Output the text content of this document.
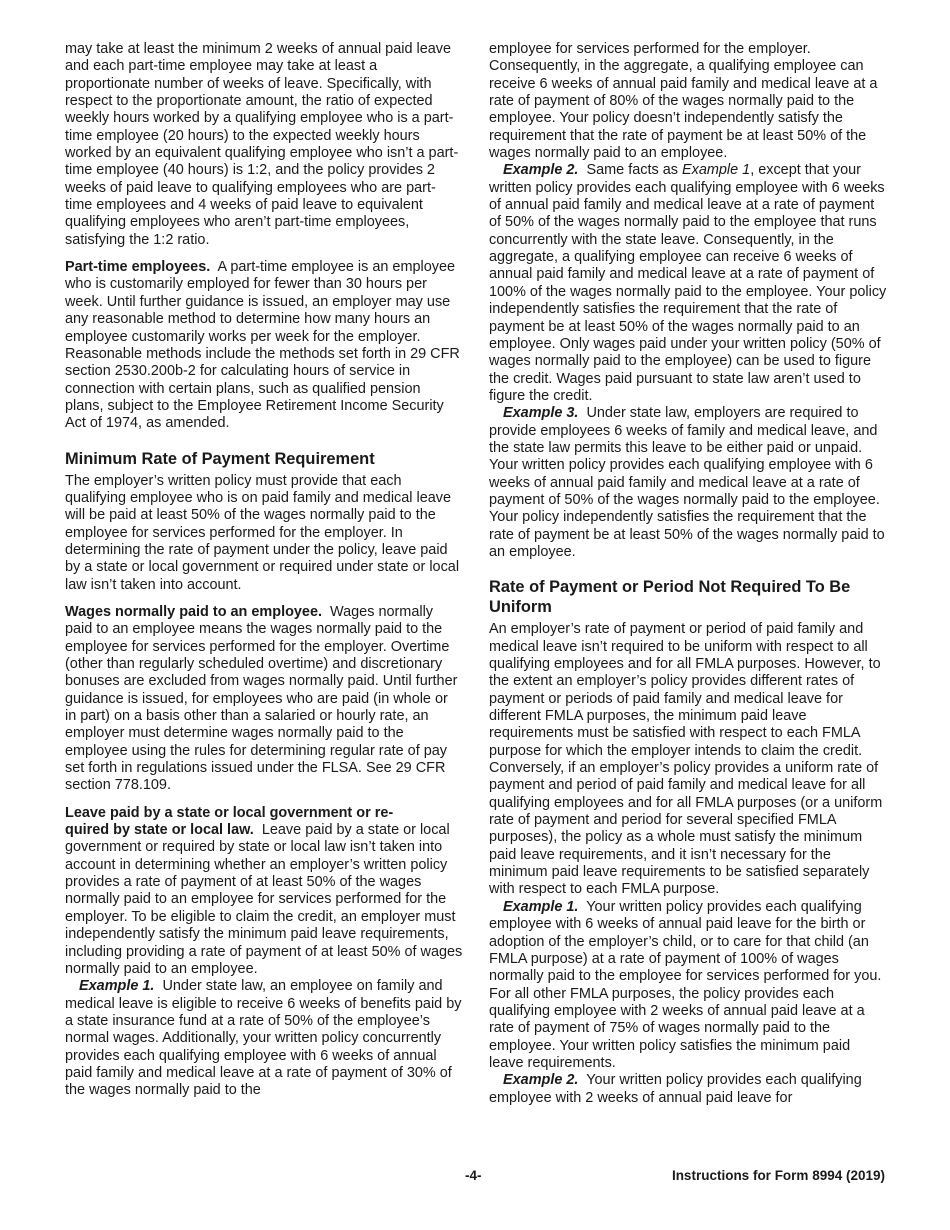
may take at least the minimum 2 weeks of annual paid leave and each part-time employee may take at least a proportionate number of weeks of leave. Specifically, with respect to the proportionate amount, the ratio of expected weekly hours worked by a qualifying employee who is a part-time employee (20 hours) to the expected weekly hours worked by an equivalent qualifying employee who isn’t a part-time employee (40 hours) is 1:2, and the policy provides 2 weeks of paid leave to qualifying employees who are part-time employees and 4 weeks of paid leave to equivalent qualifying employees who aren’t part-time employees, satisfying the 1:2 ratio.

Part-time employees. A part-time employee is an employee who is customarily employed for fewer than 30 hours per week. Until further guidance is issued, an employer may use any reasonable method to determine how many hours an employee customarily works per week for the employer. Reasonable methods include the methods set forth in 29 CFR section 2530.200b-2 for calculating hours of service in connection with certain plans, such as qualified pension plans, subject to the Employee Retirement Income Security Act of 1974, as amended.

Minimum Rate of Payment Requirement

The employer’s written policy must provide that each qualifying employee who is on paid family and medical leave will be paid at least 50% of the wages normally paid to the employee for services performed for the employer. In determining the rate of payment under the policy, leave paid by a state or local government or required under state or local law isn’t taken into account.

Wages normally paid to an employee. Wages normally paid to an employee means the wages normally paid to the employee for services performed for the employer. Overtime (other than regularly scheduled overtime) and discretionary bonuses are excluded from wages normally paid. Until further guidance is issued, for employees who are paid (in whole or in part) on a basis other than a salaried or hourly rate, an employer must determine wages normally paid to the employee using the rules for determining regular rate of pay set forth in regulations issued under the FLSA. See 29 CFR section 778.109.

Leave paid by a state or local government or re-
quired by state or local law. Leave paid by a state or local government or required by state or local law isn’t taken into account in determining whether an employer’s written policy provides a rate of payment of at least 50% of the wages normally paid to an employee for services performed for the employer. To be eligible to claim the credit, an employer must independently satisfy the minimum paid leave requirements, including providing a rate of payment of at least 50% of wages normally paid to an employee.

Example 1. Under state law, an employee on family and medical leave is eligible to receive 6 weeks of benefits paid by a state insurance fund at a rate of 50% of the employee’s normal wages. Additionally, your written policy concurrently provides each qualifying employee with 6 weeks of annual paid family and medical leave at a rate of payment of 30% of the wages normally paid to the

employee for services performed for the employer. Consequently, in the aggregate, a qualifying employee can receive 6 weeks of annual paid family and medical leave at a rate of payment of 80% of the wages normally paid to the employee. Your policy doesn’t independently satisfy the requirement that the rate of payment be at least 50% of the wages normally paid to an employee.

Example 2. Same facts as Example 1, except that your written policy provides each qualifying employee with 6 weeks of annual paid family and medical leave at a rate of payment of 50% of the wages normally paid to the employee that runs concurrently with the state leave. Consequently, in the aggregate, a qualifying employee can receive 6 weeks of annual paid family and medical leave at a rate of payment of 100% of the wages normally paid to the employee. Your policy independently satisfies the requirement that the rate of payment be at least 50% of the wages normally paid to an employee. Only wages paid under your written policy (50% of wages normally paid to the employee) can be used to figure the credit. Wages paid pursuant to state law aren’t used to figure the credit.

Example 3. Under state law, employers are required to provide employees 6 weeks of family and medical leave, and the state law permits this leave to be either paid or unpaid. Your written policy provides each qualifying employee with 6 weeks of annual paid family and medical leave at a rate of payment of 50% of the wages normally paid to the employee. Your policy independently satisfies the requirement that the rate of payment be at least 50% of the wages normally paid to an employee.

Rate of Payment or Period Not Required To Be Uniform

An employer’s rate of payment or period of paid family and medical leave isn’t required to be uniform with respect to all qualifying employees and for all FMLA purposes. However, to the extent an employer’s policy provides different rates of payment or periods of paid family and medical leave for different FMLA purposes, the minimum paid leave requirements must be satisfied with respect to each FMLA purpose for which the employer intends to claim the credit. Conversely, if an employer’s policy provides a uniform rate of payment and period of paid family and medical leave for all qualifying employees and for all FMLA purposes (or a uniform rate of payment and period for several specified FMLA purposes), the policy as a whole must satisfy the minimum paid leave requirements, and it isn’t necessary for the minimum paid leave requirements to be satisfied separately with respect to each FMLA purpose.

Example 1. Your written policy provides each qualifying employee with 6 weeks of annual paid leave for the birth or adoption of the employer’s child, or to care for that child (an FMLA purpose) at a rate of payment of 100% of wages normally paid to the employee for services performed for you. For all other FMLA purposes, the policy provides each qualifying employee with 2 weeks of annual paid leave at a rate of payment of 75% of wages normally paid to the employee. Your written policy satisfies the minimum paid leave requirements.

Example 2. Your written policy provides each qualifying employee with 2 weeks of annual paid leave for

-4-	Instructions for Form 8994 (2019)
